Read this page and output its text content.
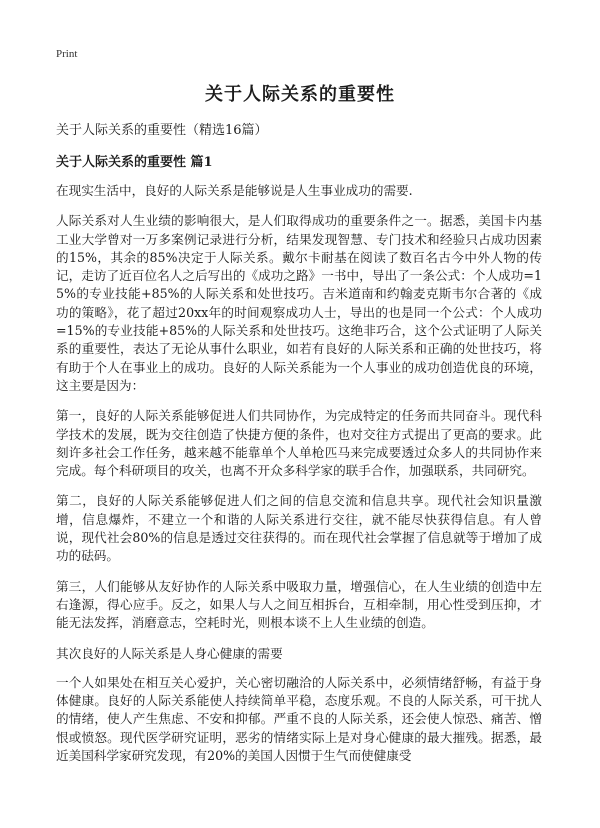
Print
关于人际关系的重要性
关于人际关系的重要性（精选16篇）
关于人际关系的重要性 篇1

在现实生活中，良好的人际关系是能够说是人生事业成功的需要.

人际关系对人生业绩的影响很大，是人们取得成功的重要条件之一。据悉，美国卡内基工业大学曾对一万多案例记录进行分析，结果发现智慧、专门技术和经验只占成功因素的15%，其余的85%决定于人际关系。戴尔卡耐基在阅读了数百名古今中外人物的传记，走访了近百位名人之后写出的《成功之路》一书中，导出了一条公式：个人成功=15%的专业技能+85%的人际关系和处世技巧。吉米道南和约翰麦克斯韦尔合著的《成功的策略》，花了超过20xx年的时间观察成功人士，导出的也是同一个公式：个人成功=15%的专业技能+85%的人际关系和处世技巧。这绝非巧合，这个公式证明了人际关系的重要性，表达了无论从事什么职业，如若有良好的人际关系和正确的处世技巧，将有助于个人在事业上的成功。良好的人际关系能为一个人事业的成功创造优良的环境，这主要是因为：

第一，良好的人际关系能够促进人们共同协作，为完成特定的任务而共同奋斗。现代科学技术的发展，既为交往创造了快捷方便的条件，也对交往方式提出了更高的要求。此刻许多社会工作任务，越来越不能靠单个人单枪匹马来完成要透过众多人的共同协作来完成。每个科研项目的攻关，也离不开众多科学家的联手合作，加强联系，共同研究。

第二，良好的人际关系能够促进人们之间的信息交流和信息共享。现代社会知识量激增，信息爆炸，不建立一个和谐的人际关系进行交往，就不能尽快获得信息。有人曾说，现代社会80%的信息是透过交往获得的。而在现代社会掌握了信息就等于增加了成功的砝码。

第三，人们能够从友好协作的人际关系中吸取力量，增强信心，在人生业绩的创造中左右逢源，得心应手。反之，如果人与人之间互相拆台，互相牵制，用心性受到压抑，才能无法发挥，消磨意志，空耗时光，则根本谈不上人生业绩的创造。

其次良好的人际关系是人身心健康的需要

一个人如果处在相互关心爱护，关心密切融洽的人际关系中，必须情绪舒畅，有益于身体健康。良好的人际关系能使人持续简单平稳，态度乐观。不良的人际关系，可干扰人的情绪，使人产生焦虑、不安和抑郁。严重不良的人际关系，还会使人惊恐、痛苦、憎恨或愤怒。现代医学研究证明，恶劣的情绪实际上是对身心健康的最大摧残。据悉，最近美国科学家研究发现，有20%的美国人因惯于生气而使健康受
